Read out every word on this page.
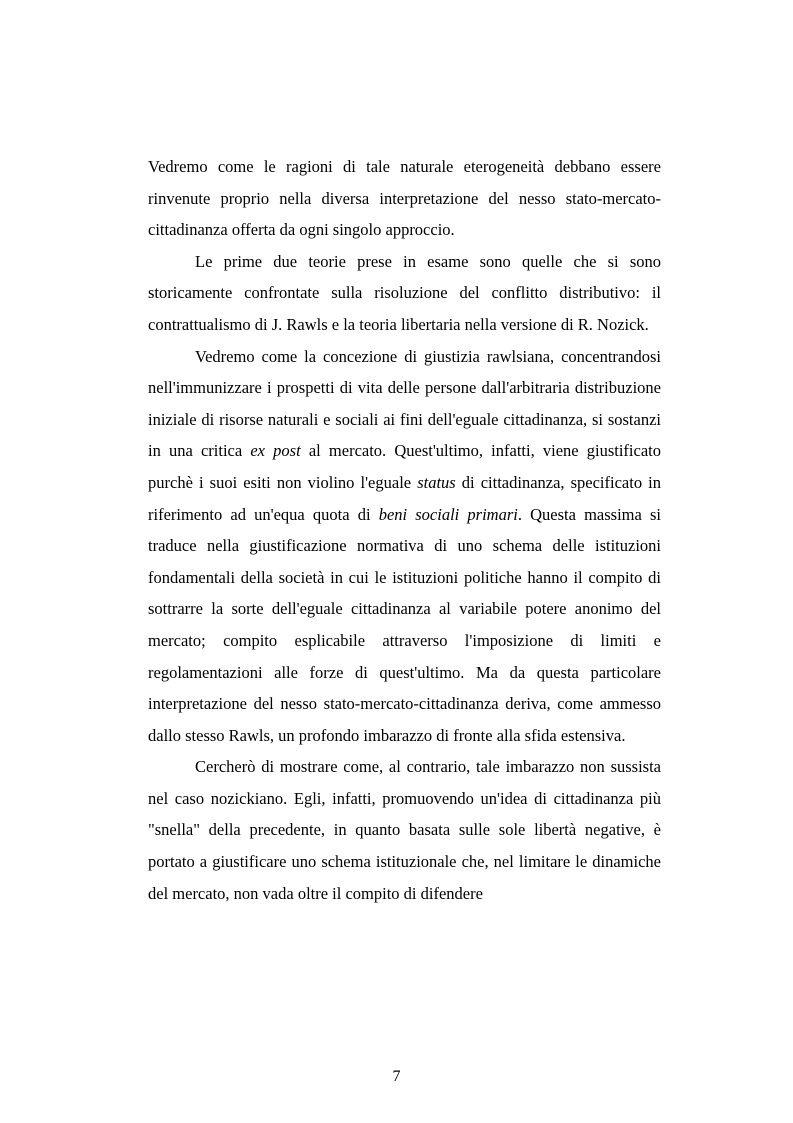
Vedremo come le ragioni di tale naturale eterogeneità debbano essere rinvenute proprio nella diversa interpretazione del nesso stato-mercato-cittadinanza offerta da ogni singolo approccio.

Le prime due teorie prese in esame sono quelle che si sono storicamente confrontate sulla risoluzione del conflitto distributivo: il contrattualismo di J. Rawls e la teoria libertaria nella versione di R. Nozick.

Vedremo come la concezione di giustizia rawlsiana, concentrandosi nell'immunizzare i prospetti di vita delle persone dall'arbitraria distribuzione iniziale di risorse naturali e sociali ai fini dell'eguale cittadinanza, si sostanzi in una critica ex post al mercato. Quest'ultimo, infatti, viene giustificato purchè i suoi esiti non violino l'eguale status di cittadinanza, specificato in riferimento ad un'equa quota di beni sociali primari. Questa massima si traduce nella giustificazione normativa di uno schema delle istituzioni fondamentali della società in cui le istituzioni politiche hanno il compito di sottrarre la sorte dell'eguale cittadinanza al variabile potere anonimo del mercato; compito esplicabile attraverso l'imposizione di limiti e regolamentazioni alle forze di quest'ultimo. Ma da questa particolare interpretazione del nesso stato-mercato-cittadinanza deriva, come ammesso dallo stesso Rawls, un profondo imbarazzo di fronte alla sfida estensiva.

Cercherò di mostrare come, al contrario, tale imbarazzo non sussista nel caso nozickiano. Egli, infatti, promuovendo un'idea di cittadinanza più "snella" della precedente, in quanto basata sulle sole libertà negative, è portato a giustificare uno schema istituzionale che, nel limitare le dinamiche del mercato, non vada oltre il compito di difendere

7
